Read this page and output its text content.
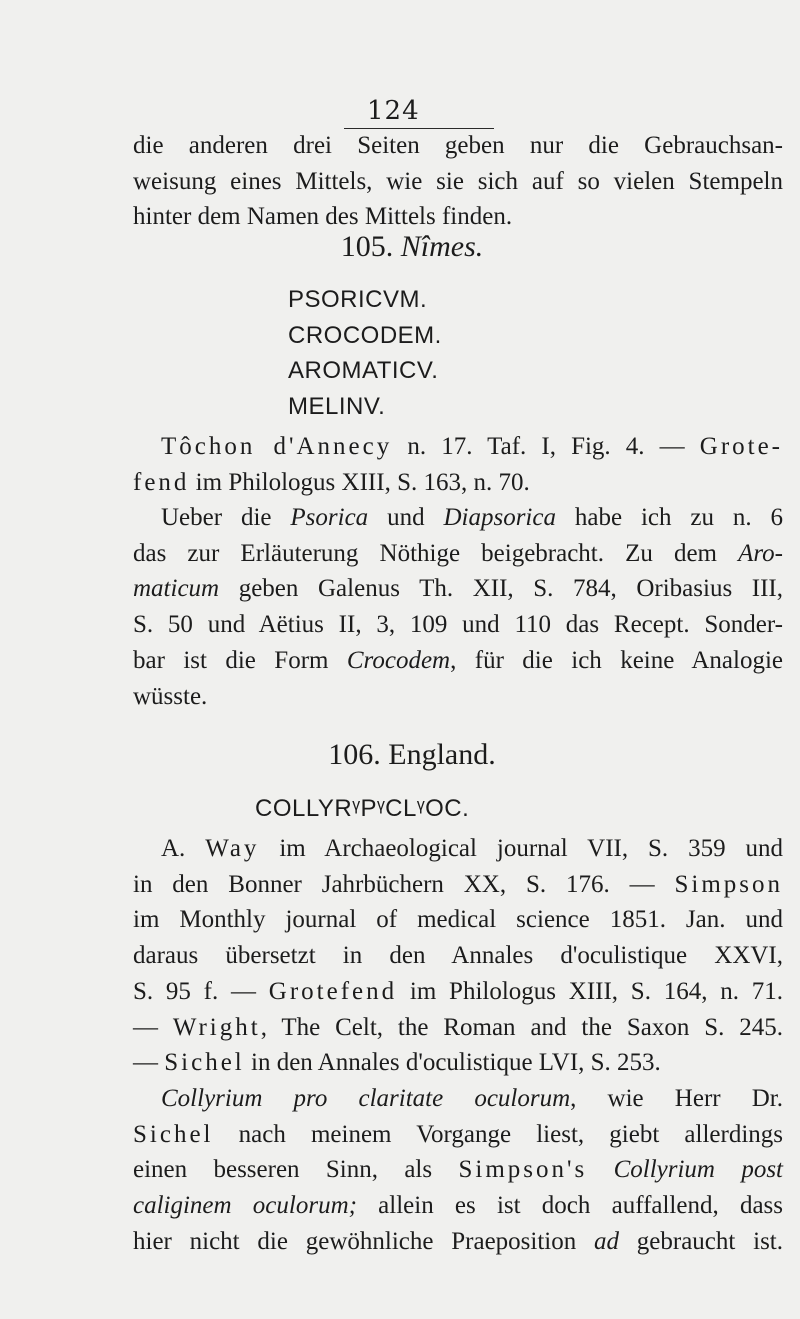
124
die anderen drei Seiten geben nur die Gebrauchsan-
weisung eines Mittels, wie sie sich auf so vielen Stempeln
hinter dem Namen des Mittels finden.
105. Nîmes.
PSORICVM.
CROCODEM.
AROMATICV.
MELINV.
Tôchon d'Annecy n. 17. Taf. I, Fig. 4. — Grote-
fend im Philologus XIII, S. 163, n. 70.
Ueber die Psorica und Diapsorica habe ich zu n. 6
das zur Erläuterung Nöthige beigebracht. Zu dem Aro-
maticum geben Galenus Th. XII, S. 784, Oribasius III,
S. 50 und Aëtius II, 3, 109 und 110 das Recept. Sonder-
bar ist die Form Crocodem, für die ich keine Analogie
wüsste.
106. England.
COLLYRᵞPᵞCLᵞOC.
A. Way im Archaeological journal VII, S. 359 und
in den Bonner Jahrbüchern XX, S. 176. — Simpson
im Monthly journal of medical science 1851. Jan. und
daraus übersetzt in den Annales d'oculistique XXVI,
S. 95 f. — Grotefend im Philologus XIII, S. 164, n. 71.
— Wright, The Celt, the Roman and the Saxon S. 245.
— Sichel in den Annales d'oculistique LVI, S. 253.
Collyrium pro claritate oculorum, wie Herr Dr.
Sichel nach meinem Vorgange liest, giebt allerdings
einen besseren Sinn, als Simpson's Collyrium post
caliginem oculorum; allein es ist doch auffallend, dass
hier nicht die gewöhnliche Praeposition ad gebraucht ist.
